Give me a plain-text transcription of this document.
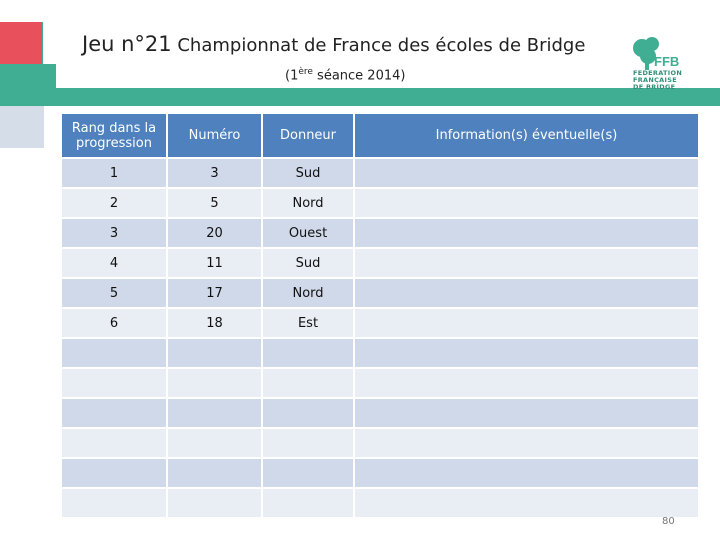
Jeu n°21 Championnat de France des écoles de Bridge
(1ère séance 2014)
FFB
FEDERATION
FRANÇAISE
DE BRIDGE
Rang dans la progression	Numéro	Donneur	Information(s) éventuelle(s)
1	3	Sud	
2	5	Nord	
3	20	Ouest	
4	11	Sud	
5	17	Nord	
6	18	Est	

80
